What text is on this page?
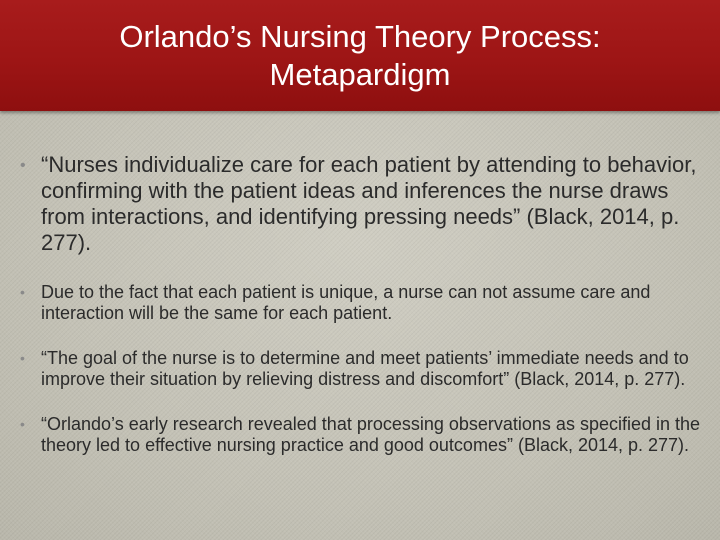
Orlando’s Nursing Theory Process:
Metapardigm
• “Nurses individualize care for each patient by attending to behavior, confirming with the patient ideas and inferences the nurse draws from interactions, and identifying pressing needs” (Black, 2014, p. 277).
• Due to the fact that each patient is unique, a nurse can not assume care and interaction will be the same for each patient.
• “The goal of the nurse is to determine and meet patients’ immediate needs and to improve their situation by relieving distress and discomfort” (Black, 2014, p. 277).
• “Orlando’s early research revealed that processing observations as specified in the theory led to effective nursing practice and good outcomes” (Black, 2014, p. 277).
